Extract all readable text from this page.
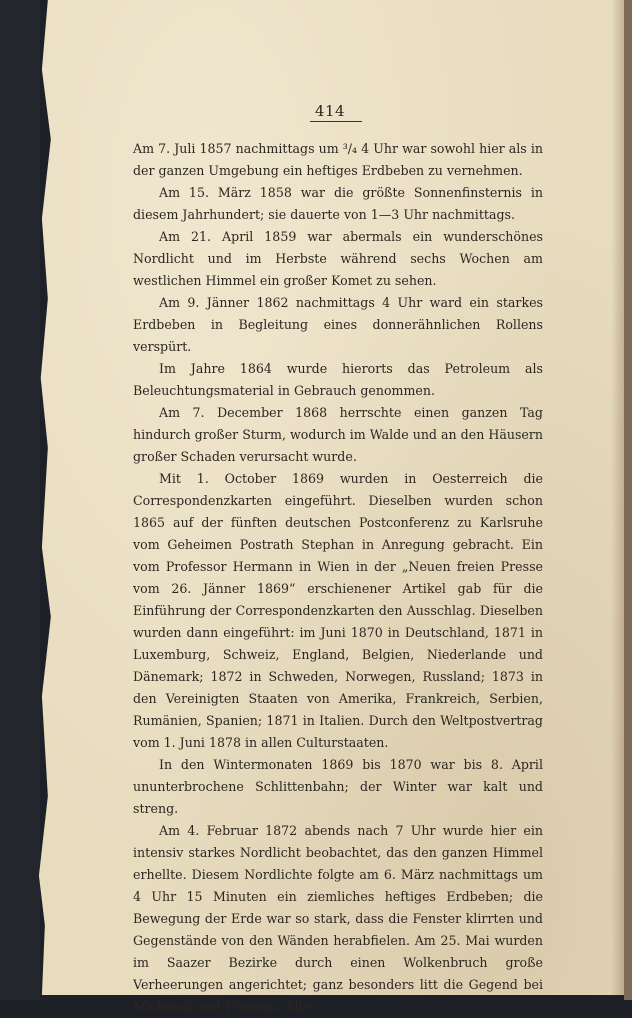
414

Am 7. Juli 1857 nachmittags um ³/₄ 4 Uhr war sowohl hier als in der ganzen Umgebung ein heftiges Erdbeben zu vernehmen.

Am 15. März 1858 war die größte Sonnenfinsternis in diesem Jahrhundert; sie dauerte von 1—3 Uhr nachmittags.

Am 21. April 1859 war abermals ein wunderschönes Nordlicht und im Herbste während sechs Wochen am westlichen Himmel ein großer Komet zu sehen.

Am 9. Jänner 1862 nachmittags 4 Uhr ward ein starkes Erdbeben in Begleitung eines donnerähnlichen Rollens verspürt.

Im Jahre 1864 wurde hierorts das Petroleum als Beleuchtungsmaterial in Gebrauch genommen.

Am 7. December 1868 herrschte einen ganzen Tag hindurch großer Sturm, wodurch im Walde und an den Häusern großer Schaden verursacht wurde.

Mit 1. October 1869 wurden in Oesterreich die Correspondenzkarten eingeführt. Dieselben wurden schon 1865 auf der fünften deutschen Postconferenz zu Karlsruhe vom Geheimen Postrath Stephan in Anregung gebracht. Ein vom Professor Hermann in Wien in der „Neuen freien Presse vom 26. Jänner 1869“ erschienener Artikel gab für die Einführung der Correspondenzkarten den Ausschlag. Dieselben wurden dann eingeführt: im Juni 1870 in Deutschland, 1871 in Luxemburg, Schweiz, England, Belgien, Niederlande und Dänemark; 1872 in Schweden, Norwegen, Russland; 1873 in den Vereinigten Staaten von Amerika, Frankreich, Serbien, Rumänien, Spanien; 1871 in Italien. Durch den Weltpostvertrag vom 1. Juni 1878 in allen Culturstaaten.

In den Wintermonaten 1869 bis 1870 war bis 8. April ununterbrochene Schlittenbahn; der Winter war kalt und streng.

Am 4. Februar 1872 abends nach 7 Uhr wurde hier ein intensiv starkes Nordlicht beobachtet, das den ganzen Himmel erhellte. Diesem Nordlichte folgte am 6. März nachmittags um 4 Uhr 15 Minuten ein ziemliches heftiges Erdbeben; die Bewegung der Erde war so stark, dass die Fenster klirrten und Gegenstände von den Wänden herabfielen. Am 25. Mai wurden im Saazer Bezirke durch einen Wolkenbruch große Verheerungen angerichtet; ganz besonders litt die Gegend bei Michelob und Trnovan. Alle
